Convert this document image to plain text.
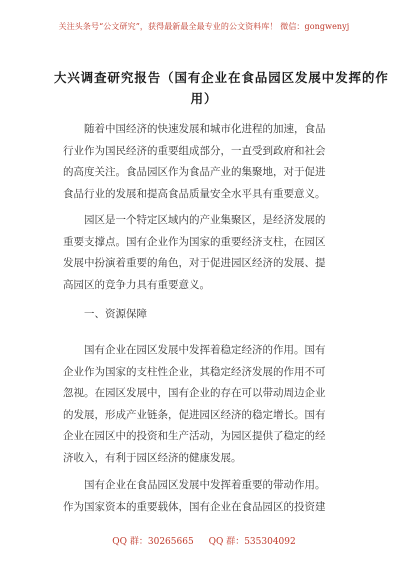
关注头条号“公文研究”，获得最新最全最专业的公文资料库！ 微信：gongwenyj
大兴调查研究报告（国有企业在食品园区发展中发挥的作
用）
　　随着中国经济的快速发展和城市化进程的加速，食品
行业作为国民经济的重要组成部分，一直受到政府和社会
的高度关注。食品园区作为食品产业的集聚地，对于促进
食品行业的发展和提高食品质量安全水平具有重要意义。
　　园区是一个特定区域内的产业集聚区，是经济发展的
重要支撑点。国有企业作为国家的重要经济支柱，在园区
发展中扮演着重要的角色，对于促进园区经济的发展、提
高园区的竞争力具有重要意义。
　　一、资源保障
　　国有企业在园区发展中发挥着稳定经济的作用。国有
企业作为国家的支柱性企业，其稳定经济发展的作用不可
忽视。在园区发展中，国有企业的存在可以带动周边企业
的发展，形成产业链条，促进园区经济的稳定增长。国有
企业在园区中的投资和生产活动，为园区提供了稳定的经
济收入，有利于园区经济的健康发展。
　　国有企业在食品园区发展中发挥着重要的带动作用。
作为国家资本的重要载体，国有企业在食品园区的投资建
QQ 群：30265665 QQ 群：535304092
